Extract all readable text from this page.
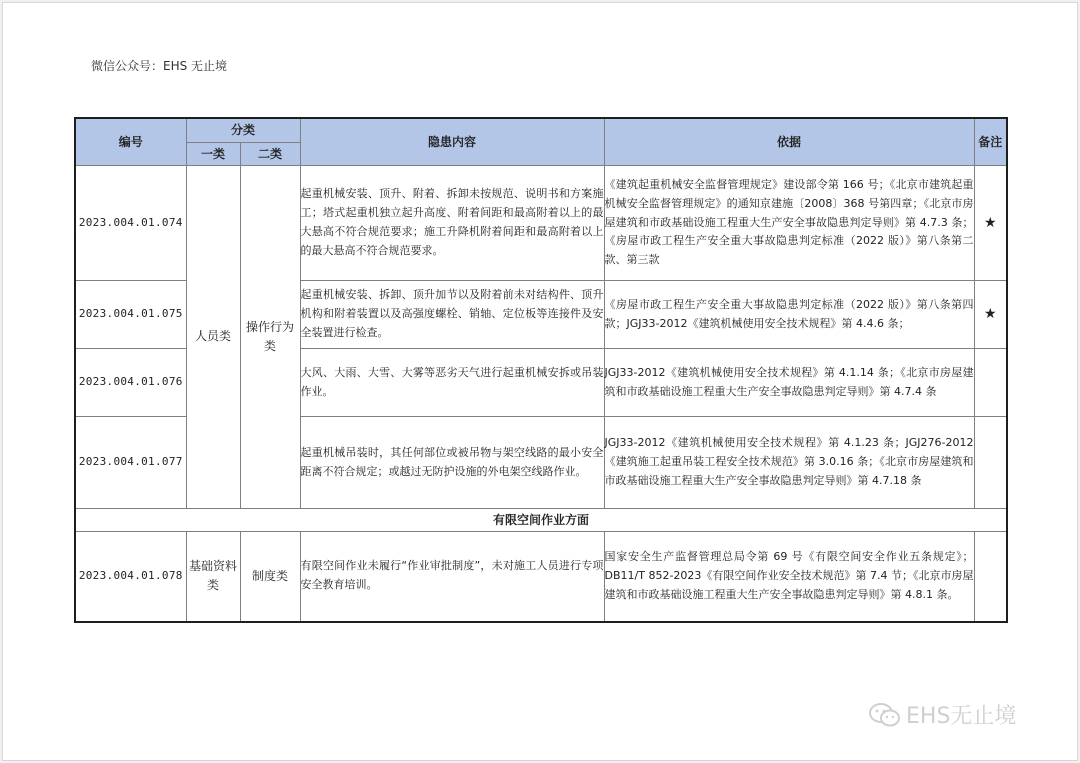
微信公众号：EHS 无止境
编号	分类		隐患内容	依据	备注
	一类	二类			
2023.004.01.074	人员类	操作行为类	起重机械安装、顶升、附着、拆卸未按规范、说明书和方案施工；塔式起重机独立起升高度、附着间距和最高附着以上的最大悬高不符合规范要求；施工升降机附着间距和最高附着以上的最大悬高不符合规范要求。	《建筑起重机械安全监督管理规定》建设部令第 166 号；《北京市建筑起重机械安全监督管理规定》的通知京建施〔2008〕368 号第四章；《北京市房屋建筑和市政基础设施工程重大生产安全事故隐患判定导则》第 4.7.3 条；《房屋市政工程生产安全重大事故隐患判定标准（2022 版）》第八条第二款、第三款	★
2023.004.01.075			起重机械安装、拆卸、顶升加节以及附着前未对结构件、顶升机构和附着装置以及高强度螺栓、销轴、定位板等连接件及安全装置进行检查。	《房屋市政工程生产安全重大事故隐患判定标准（2022 版）》第八条第四款；JGJ33-2012《建筑机械使用安全技术规程》第 4.4.6 条；	★
2023.004.01.076			大风、大雨、大雪、大雾等恶劣天气进行起重机械安拆或吊装作业。	JGJ33-2012《建筑机械使用安全技术规程》第 4.1.14 条；《北京市房屋建筑和市政基础设施工程重大生产安全事故隐患判定导则》第 4.7.4 条	
2023.004.01.077			起重机械吊装时，其任何部位或被吊物与架空线路的最小安全距离不符合规定；或越过无防护设施的外电架空线路作业。	JGJ33-2012《建筑机械使用安全技术规程》第 4.1.23 条；JGJ276-2012《建筑施工起重吊装工程安全技术规范》第 3.0.16 条；《北京市房屋建筑和市政基础设施工程重大生产安全事故隐患判定导则》第 4.7.18 条	
有限空间作业方面					
2023.004.01.078	基础资料类	制度类	有限空间作业未履行“作业审批制度”，未对施工人员进行专项安全教育培训。	国家安全生产监督管理总局令第 69 号《有限空间安全作业五条规定》；DB11/T 852-2023《有限空间作业安全技术规范》第 7.4 节；《北京市房屋建筑和市政基础设施工程重大生产安全事故隐患判定导则》第 4.8.1 条。	
EHS无止境
